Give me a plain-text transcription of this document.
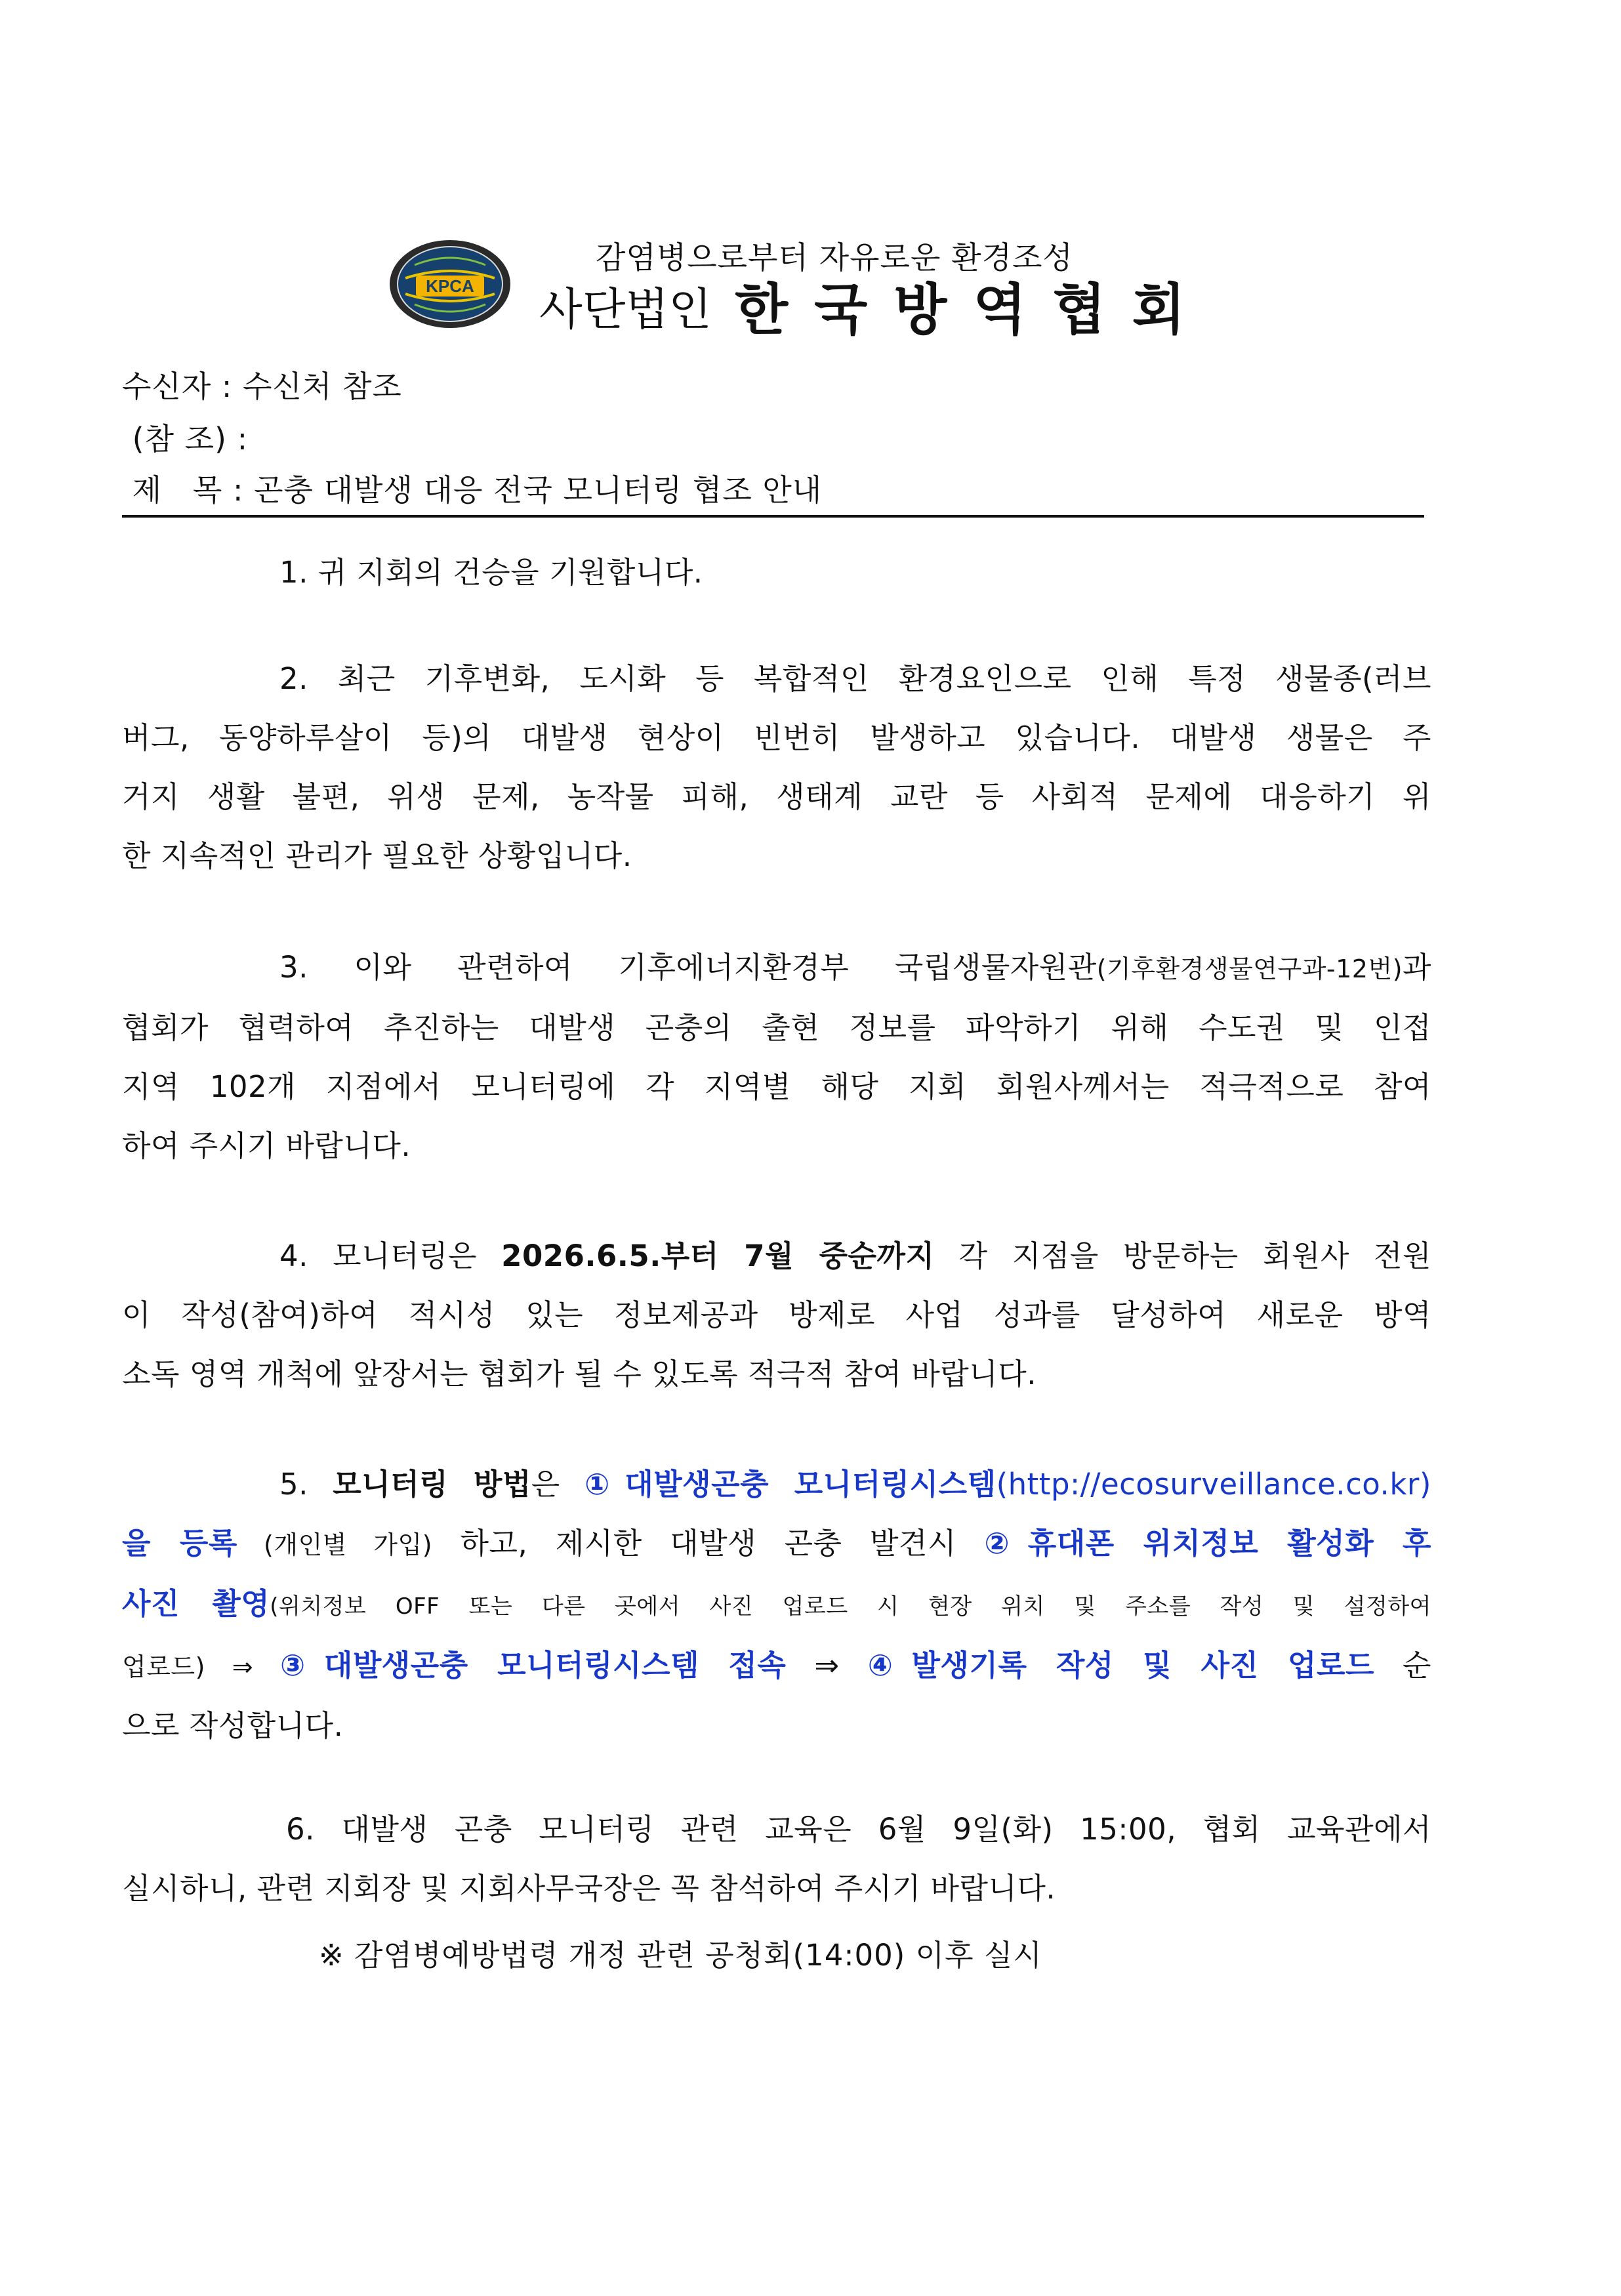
KPCA
감염병으로부터 자유로운 환경조성
사단법인 한국방역협회
수신자 : 수신처 참조
(참 조) :
제   목 : 곤충 대발생 대응 전국 모니터링 협조 안내
1. 귀 지회의 건승을 기원합니다.
2. 최근 기후변화, 도시화 등 복합적인 환경요인으로 인해 특정 생물종(러브
버그, 동양하루살이 등)의 대발생 현상이 빈번히 발생하고 있습니다. 대발생 생물은 주
거지 생활 불편, 위생 문제, 농작물 피해, 생태계 교란 등 사회적 문제에 대응하기 위
한 지속적인 관리가 필요한 상황입니다.
3. 이와 관련하여 기후에너지환경부 국립생물자원관(기후환경생물연구과-12번)과
협회가 협력하여 추진하는 대발생 곤충의 출현 정보를 파악하기 위해 수도권 및 인접
지역 102개 지점에서 모니터링에 각 지역별 해당 지회 회원사께서는 적극적으로 참여
하여 주시기 바랍니다.
4. 모니터링은 2026.6.5.부터 7월 중순까지 각 지점을 방문하는 회원사 전원
이 작성(참여)하여 적시성 있는 정보제공과 방제로 사업 성과를 달성하여 새로운 방역
소독 영역 개척에 앞장서는 협회가 될 수 있도록 적극적 참여 바랍니다.
5. 모니터링 방법은 ①대발생곤충 모니터링시스템(http://ecosurveillance.co.kr)
을 등록 (개인별 가입) 하고, 제시한 대발생 곤충 발견시 ②휴대폰 위치정보 활성화 후
사진 촬영(위치정보 OFF 또는 다른 곳에서 사진 업로드 시 현장 위치 및 주소를 작성 및 설정하여
업로드) ⇒ ③대발생곤충 모니터링시스템 접속 ⇒ ④발생기록 작성 및 사진 업로드 순
으로 작성합니다.
6. 대발생 곤충 모니터링 관련 교육은 6월 9일(화) 15:00, 협회 교육관에서
실시하니, 관련 지회장 및 지회사무국장은 꼭 참석하여 주시기 바랍니다.
※ 감염병예방법령 개정 관련 공청회(14:00) 이후 실시
